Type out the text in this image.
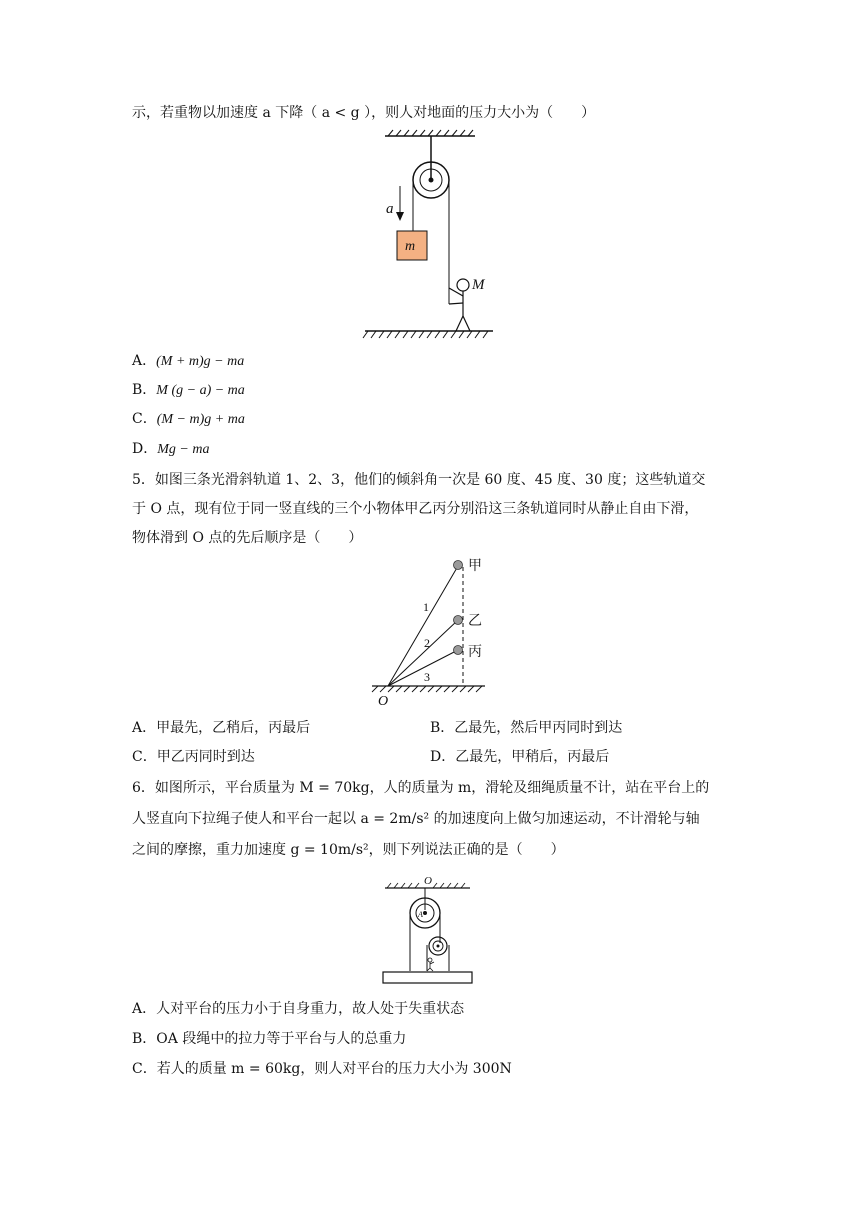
示，若重物以加速度 a 下降（ a < g ），则人对地面的压力大小为（　　）
m
a
M
A．(M + m)g − ma
B．M (g − a) − ma
C．(M − m)g + ma
D．Mg − ma
5．如图三条光滑斜轨道 1、2、3，他们的倾斜角一次是 60 度、45 度、30 度；这些轨道交
于 O 点，现有位于同一竖直线的三个小物体甲乙丙分别沿这三条轨道同时从静止自由下滑，
物体滑到 O 点的先后顺序是（　　）
甲
乙
丙
1
2
3
O
A．甲最先，乙稍后，丙最后	B．乙最先，然后甲丙同时到达
C．甲乙丙同时到达	D．乙最先，甲稍后，丙最后
6．如图所示，平台质量为 M = 70kg，人的质量为 m，滑轮及细绳质量不计，站在平台上的
人竖直向下拉绳子使人和平台一起以 a = 2m/s² 的加速度向上做匀加速运动，不计滑轮与轴
之间的摩擦，重力加速度 g = 10m/s²，则下列说法正确的是（　　）
O
A
A．人对平台的压力小于自身重力，故人处于失重状态
B．OA 段绳中的拉力等于平台与人的总重力
C．若人的质量 m = 60kg，则人对平台的压力大小为 300N
